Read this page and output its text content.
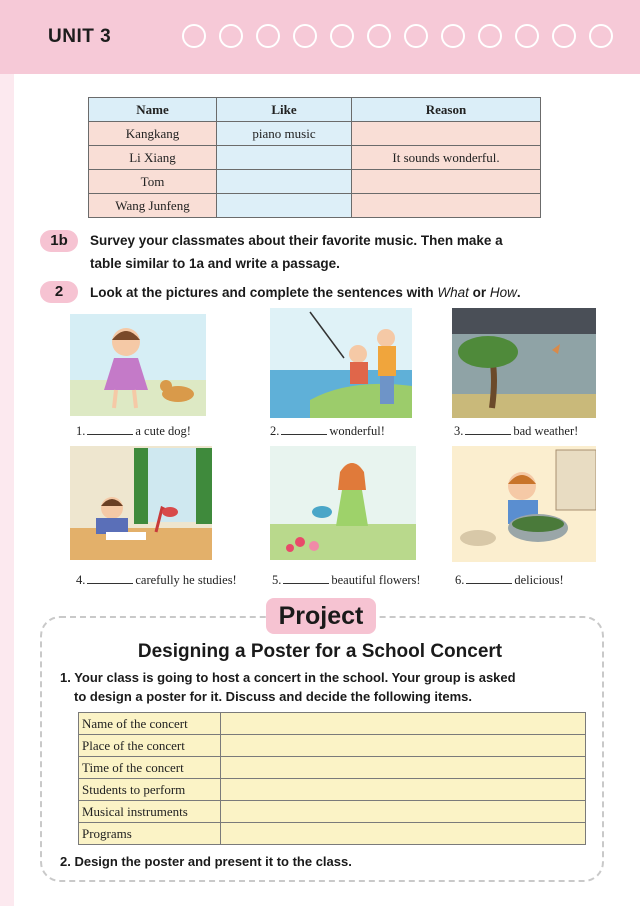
UNIT 3
Name	Like	Reason
Kangkang	piano music	
Li Xiang		It sounds wonderful.
Tom		
Wang Junfeng		
1b	Survey your classmates about their favorite music. Then make a
table similar to 1a and write a passage.
2	Look at the pictures and complete the sentences with What or How.
1.	a cute dog!	2.	wonderful!	3.	bad weather!
4.	carefully he studies!	5.	beautiful flowers!	6.	delicious!
Project
Designing a Poster for a School Concert
1. Your class is going to host a concert in the school. Your group is asked
to design a poster for it. Discuss and decide the following items.
Name of the concert	
Place of the concert	
Time of the concert	
Students to perform	
Musical instruments	
Programs	
2. Design the poster and present it to the class.
